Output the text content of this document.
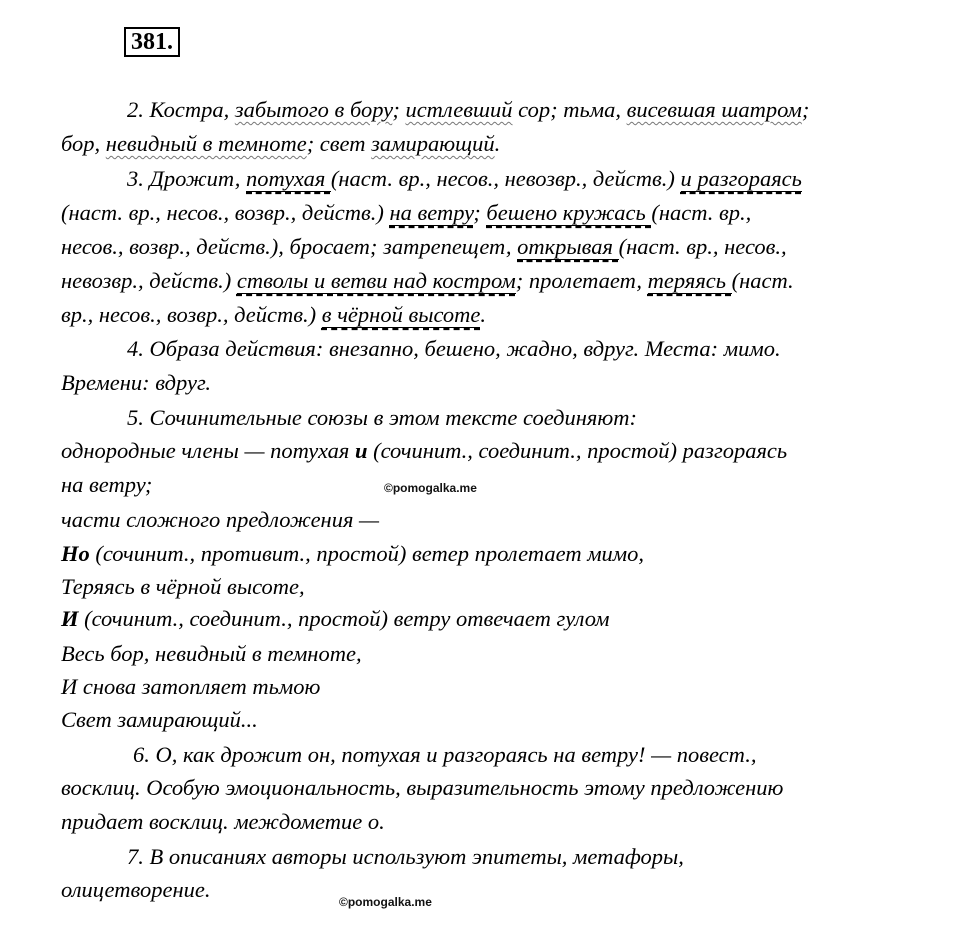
381.
2. Костра, забытого в бору; истлевший сор; тьма, висевшая шатром;
бор, невидный в темноте; свет замирающий.
3. Дрожит, потухая (наст. вр., несов., невозвр., действ.) и разгораясь
(наст. вр., несов., возвр., действ.) на ветру; бешено кружась (наст. вр.,
несов., возвр., действ.), бросает; затрепещет, открывая (наст. вр., несов.,
невозвр., действ.) стволы и ветви над костром; пролетает, теряясь (наст.
вр., несов., возвр., действ.) в чёрной высоте.
4. Образа действия: внезапно, бешено, жадно, вдруг. Места: мимо.
Времени: вдруг.
5. Сочинительные союзы в этом тексте соединяют:
однородные члены — потухая и (сочинит., соединит., простой) разгораясь
на ветру;	©pomogalka.me
части сложного предложения —
Но (сочинит., противит., простой) ветер пролетает мимо,
Теряясь в чёрной высоте,
И (сочинит., соединит., простой) ветру отвечает гулом
Весь бор, невидный в темноте,
И снова затопляет тьмою
Свет замирающий...
6. О, как дрожит он, потухая и разгораясь на ветру! — повест.,
восклиц. Особую эмоциональность, выразительность этому предложению
придает восклиц. междометие о.
7. В описаниях авторы используют эпитеты, метафоры,
олицетворение.	©pomogalka.me
